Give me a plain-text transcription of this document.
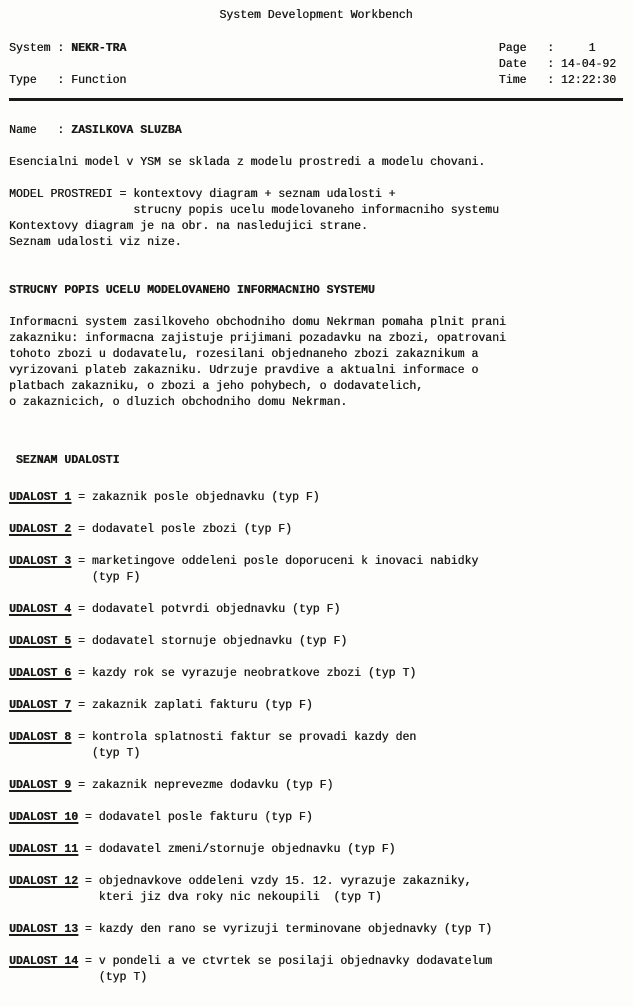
System Development Workbench
System : NEKR-TRA
Type : Function
Page :	1
Date : 14-04-92
Time : 12:22:30
Name : ZASILKOVA SLUZBA
Esencialni model v YSM se sklada z modelu prostredi a modelu chovani.
MODEL PROSTREDI = kontextovy diagram + seznam udalosti +
strucny popis ucelu modelovaneho informacniho systemu
Kontextovy diagram je na obr. na nasledujici strane.
Seznam udalosti viz nize.
STRUCNY POPIS UCELU MODELOVANEHO INFORMACNIHO SYSTEMU
Informacni system zasilkoveho obchodniho domu Nekrman pomaha plnit prani
zakazniku: informacna zajistuje prijimani pozadavku na zbozi, opatrovani
tohoto zbozi u dodavatelu, rozesilani objednaneho zbozi zakaznikum a
vyrizovani plateb zakazniku. Udrzuje pravdive a aktualni informace o
platbach zakazniku, o zbozi a jeho pohybech, o dodavatelich,
o zakaznicich, o dluzich obchodniho domu Nekrman.
SEZNAM UDALOSTI
UDALOST 1 = zakaznik posle objednavku (typ F)
UDALOST 2 = dodavatel posle zbozi (typ F)
UDALOST 3 = marketingove oddeleni posle doporuceni k inovaci nabidky
(typ F)
UDALOST 4 = dodavatel potvrdi objednavku (typ F)
UDALOST 5 = dodavatel stornuje objednavku (typ F)
UDALOST 6 = kazdy rok se vyrazuje neobratkove zbozi (typ T)
UDALOST 7 = zakaznik zaplati fakturu (typ F)
UDALOST 8 = kontrola splatnosti faktur se provadi kazdy den
(typ T)
UDALOST 9 = zakaznik neprevezme dodavku (typ F)
UDALOST 10 = dodavatel posle fakturu (typ F)
UDALOST 11 = dodavatel zmeni/stornuje objednavku (typ F)
UDALOST 12 = objednavkove oddeleni vzdy 15. 12. vyrazuje zakazniky,
kteri jiz dva roky nic nekoupili  (typ T)
UDALOST 13 = kazdy den rano se vyrizuji terminovane objednavky (typ T)
UDALOST 14 = v pondeli a ve ctvrtek se posilaji objednavky dodavatelum
(typ T)
